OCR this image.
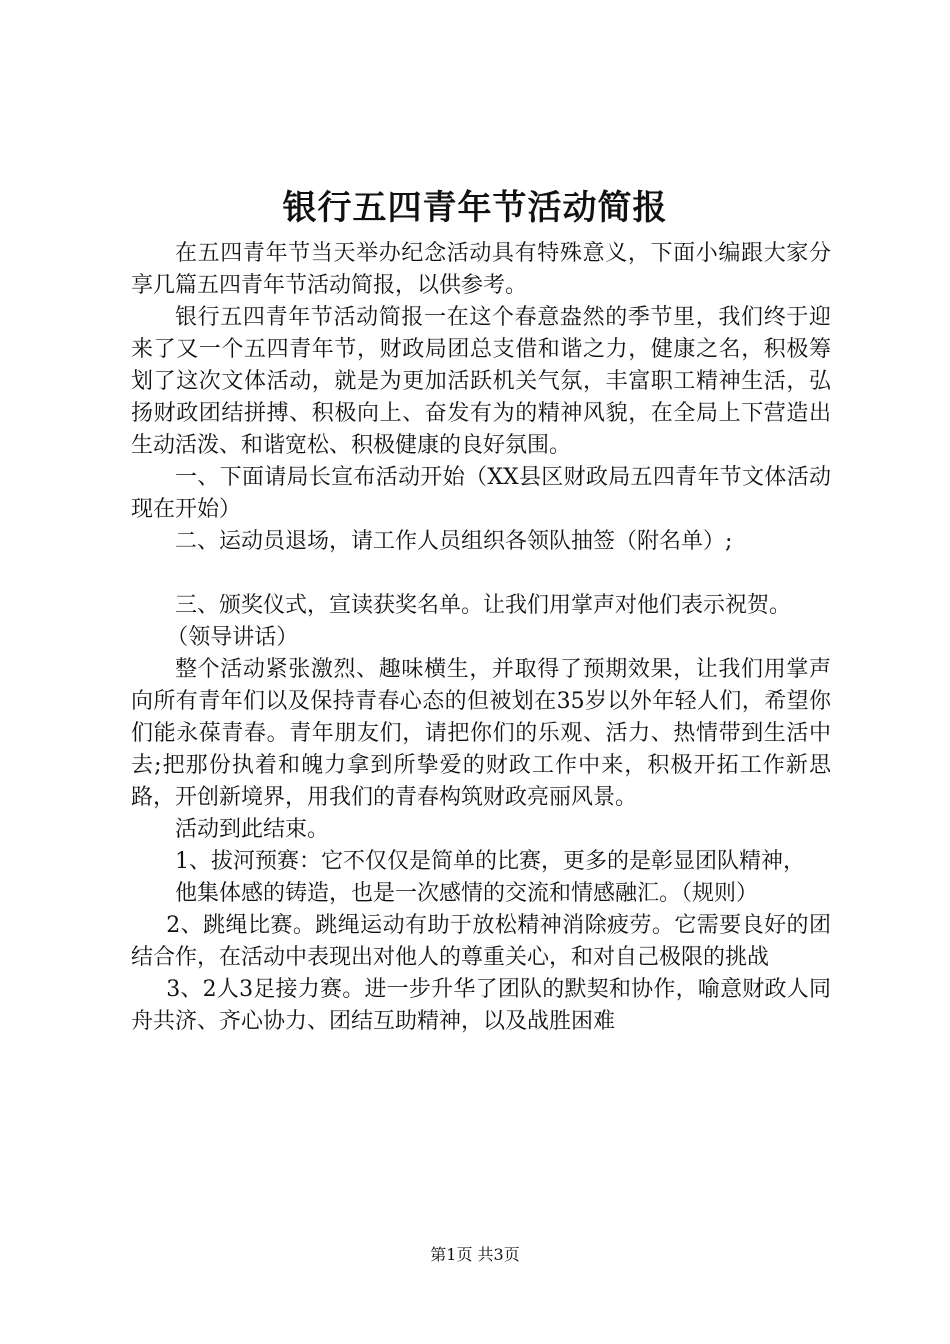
银行五四青年节活动简报

在五四青年节当天举办纪念活动具有特殊意义，下面小编跟大家分享几篇五四青年节活动简报，以供参考。

银行五四青年节活动简报一在这个春意盎然的季节里，我们终于迎来了又一个五四青年节，财政局团总支借和谐之力，健康之名，积极筹划了这次文体活动，就是为更加活跃机关气氛，丰富职工精神生活，弘扬财政团结拼搏、积极向上、奋发有为的精神风貌，在全局上下营造出生动活泼、和谐宽松、积极健康的良好氛围。

一、下面请局长宣布活动开始（XX县区财政局五四青年节文体活动现在开始）

二、运动员退场，请工作人员组织各领队抽签（附名单）;

三、颁奖仪式，宣读获奖名单。让我们用掌声对他们表示祝贺。

（领导讲话）

整个活动紧张激烈、趣味横生，并取得了预期效果，让我们用掌声向所有青年们以及保持青春心态的但被划在35岁以外年轻人们，希望你们能永葆青春。青年朋友们，请把你们的乐观、活力、热情带到生活中去;把那份执着和魄力拿到所挚爱的财政工作中来，积极开拓工作新思路，开创新境界，用我们的青春构筑财政亮丽风景。

活动到此结束。

1、拔河预赛：它不仅仅是简单的比赛，更多的是彰显团队精神，

他集体感的铸造，也是一次感情的交流和情感融汇。（规则）

2、跳绳比赛。跳绳运动有助于放松精神消除疲劳。它需要良好的团结合作，在活动中表现出对他人的尊重关心，和对自己极限的挑战

3、2人3足接力赛。进一步升华了团队的默契和协作，喻意财政人同舟共济、齐心协力、团结互助精神，以及战胜困难

第1页 共3页
